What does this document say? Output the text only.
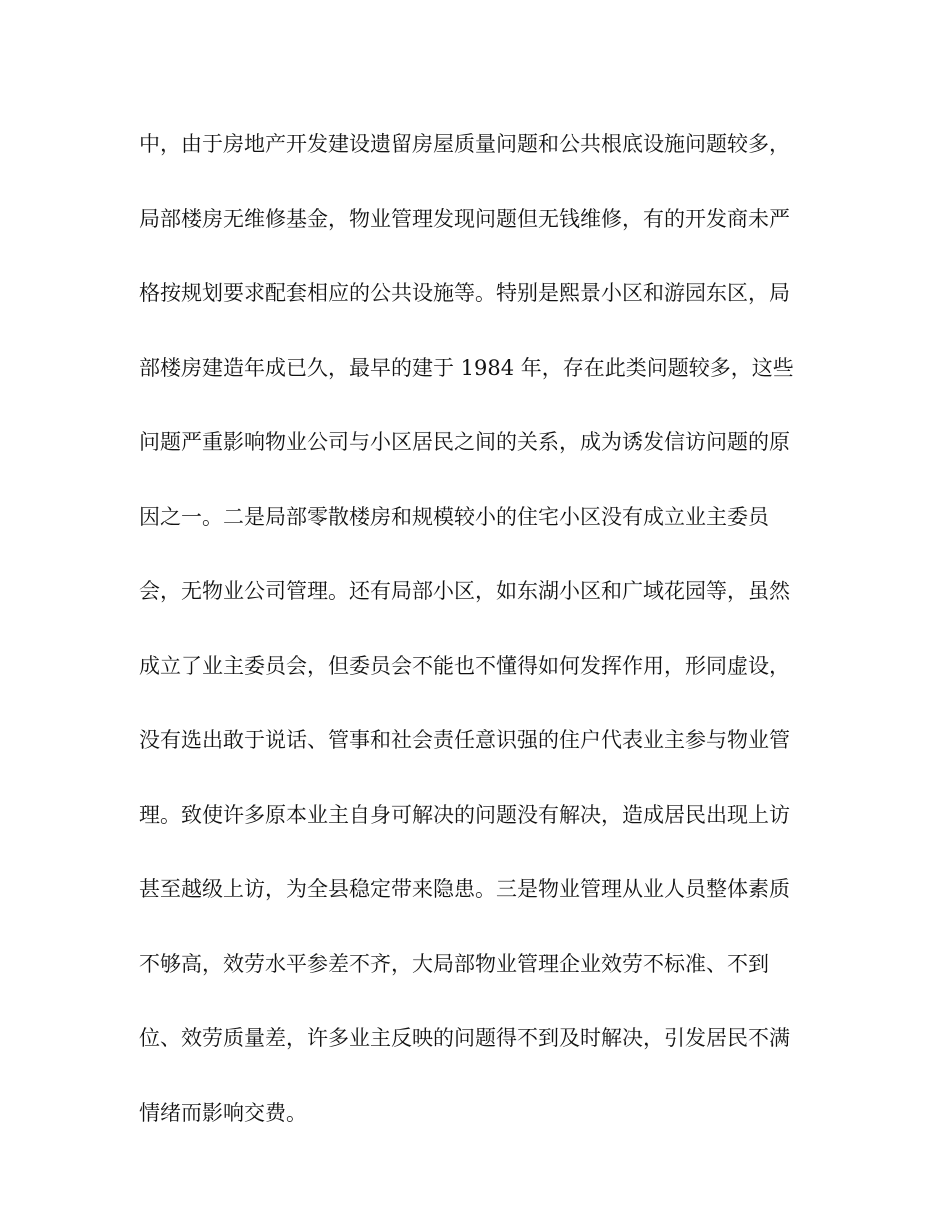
中，由于房地产开发建设遗留房屋质量问题和公共根底设施问题较多，
局部楼房无维修基金，物业管理发现问题但无钱维修，有的开发商未严
格按规划要求配套相应的公共设施等。特别是熙景小区和游园东区，局
部楼房建造年成已久，最早的建于 1984 年，存在此类问题较多，这些
问题严重影响物业公司与小区居民之间的关系，成为诱发信访问题的原
因之一。二是局部零散楼房和规模较小的住宅小区没有成立业主委员
会，无物业公司管理。还有局部小区，如东湖小区和广域花园等，虽然
成立了业主委员会，但委员会不能也不懂得如何发挥作用，形同虚设，
没有选出敢于说话、管事和社会责任意识强的住户代表业主参与物业管
理。致使许多原本业主自身可解决的问题没有解决，造成居民出现上访
甚至越级上访，为全县稳定带来隐患。三是物业管理从业人员整体素质
不够高，效劳水平参差不齐，大局部物业管理企业效劳不标准、不到
位、效劳质量差，许多业主反映的问题得不到及时解决，引发居民不满
情绪而影响交费。
